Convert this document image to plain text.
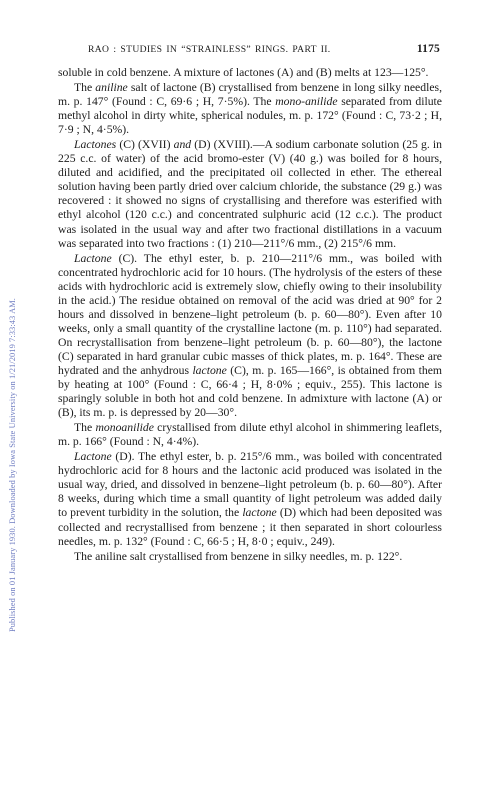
RAO : STUDIES IN “STRAINLESS” RINGS. PART II.	1175
Published on 01 January 1930. Downloaded by Iowa State University on 1/21/2019 7:33:43 AM.

soluble in cold benzene. A mixture of lactones (A) and (B) melts at 123—125°.

The aniline salt of lactone (B) crystallised from benzene in long silky needles, m. p. 147° (Found : C, 69·6 ; H, 7·5%). The mono-anilide separated from dilute methyl alcohol in dirty white, spherical nodules, m. p. 172° (Found : C, 73·2 ; H, 7·9 ; N, 4·5%).

Lactones (C) (XVII) and (D) (XVIII).—A sodium carbonate solution (25 g. in 225 c.c. of water) of the acid bromo-ester (V) (40 g.) was boiled for 8 hours, diluted and acidified, and the precipitated oil collected in ether. The ethereal solution having been partly dried over calcium chloride, the substance (29 g.) was recovered : it showed no signs of crystallising and therefore was esterified with ethyl alcohol (120 c.c.) and concentrated sulphuric acid (12 c.c.). The product was isolated in the usual way and after two fractional distillations in a vacuum was separated into two fractions : (1) 210—211°/6 mm., (2) 215°/6 mm.

Lactone (C). The ethyl ester, b. p. 210—211°/6 mm., was boiled with concentrated hydrochloric acid for 10 hours. (The hydrolysis of the esters of these acids with hydrochloric acid is extremely slow, chiefly owing to their insolubility in the acid.) The residue obtained on removal of the acid was dried at 90° for 2 hours and dissolved in benzene–light petroleum (b. p. 60—80°). Even after 10 weeks, only a small quantity of the crystalline lactone (m. p. 110°) had separated. On recrystallisation from benzene–light petroleum (b. p. 60—80°), the lactone (C) separated in hard granular cubic masses of thick plates, m. p. 164°. These are hydrated and the anhydrous lactone (C), m. p. 165—166°, is obtained from them by heating at 100° (Found : C, 66·4 ; H, 8·0% ; equiv., 255). This lactone is sparingly soluble in both hot and cold benzene. In admixture with lactone (A) or (B), its m. p. is depressed by 20—30°.

The monoanilide crystallised from dilute ethyl alcohol in shimmering leaflets, m. p. 166° (Found : N, 4·4%).

Lactone (D). The ethyl ester, b. p. 215°/6 mm., was boiled with concentrated hydrochloric acid for 8 hours and the lactonic acid produced was isolated in the usual way, dried, and dissolved in benzene–light petroleum (b. p. 60—80°). After 8 weeks, during which time a small quantity of light petroleum was added daily to prevent turbidity in the solution, the lactone (D) which had been deposited was collected and recrystallised from benzene ; it then separated in short colourless needles, m. p. 132° (Found : C, 66·5 ; H, 8·0 ; equiv., 249).

The aniline salt crystallised from benzene in silky needles, m. p. 122°.
